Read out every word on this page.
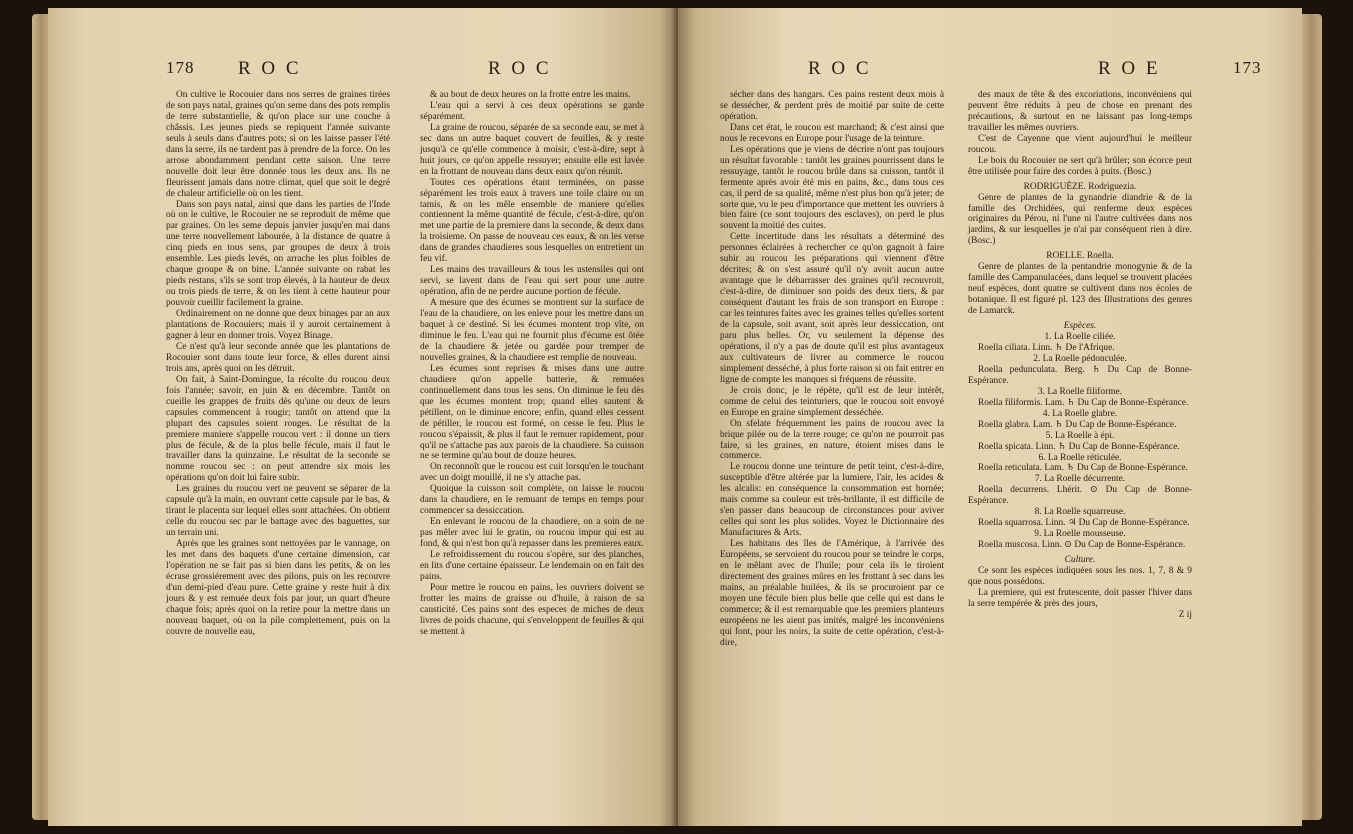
178 R O C	R O C

On cultive le Rocouier dans nos serres de graines tirées de son pays natal, graines qu'on seme dans des pots remplis de terre substantielle, & qu'on place sur une couche à châssis. Les jeunes pieds se repiquent l'année suivante seuls à seuls dans d'autres pots; si on les laisse passer l'été dans la serre, ils ne tardent pas à prendre de la force. On les arrose abondamment pendant cette saison. Une terre nouvelle doit leur être donnée tous les deux ans. Ils ne fleurissent jamais dans notre climat, quel que soit le degré de chaleur artificielle où on les tient.

Dans son pays natal, ainsi que dans les parties de l'Inde où on le cultive, le Rocouier ne se reproduit de même que par graines. On les seme depuis janvier jusqu'en mai dans une terre nouvellement labourée, à la distance de quatre à cinq pieds en tous sens, par groupes de deux à trois ensemble. Les pieds levés, on arrache les plus foibles de chaque groupe & on bine. L'année suivante on rabat les pieds restans, s'ils se sont trop élevés, à la hauteur de deux ou trois pieds de terre, & on les tient à cette hauteur pour pouvoir cueillir facilement la graine.

Ordinairement on ne donne que deux binages par an aux plantations de Rocouiers; mais il y auroit certainement à gagner à leur en donner trois. Voyez Binage.

Ce n'est qu'à leur seconde année que les plantations de Rocouier sont dans toute leur force, & elles durent ainsi trois ans, après quoi on les détruit.

On fait, à Saint-Domingue, la récolte du roucou deux fois l'année; savoir, en juin & en décembre. Tantôt on cueille les grappes de fruits dès qu'une ou deux de leurs capsules commencent à rougir; tantôt on attend que la plupart des capsules soient rouges. Le résultat de la premiere maniere s'appelle roucou vert : il donne un tiers plus de fécule, & de la plus belle fécule, mais il faut le travailler dans la quinzaine. Le résultat de la seconde se nomme roucou sec : on peut attendre six mois les opérations qu'on doit lui faire subir.

Les graines du roucou vert ne peuvent se séparer de la capsule qu'à la main, en ouvrant cette capsule par le bas, & tirant le placenta sur lequel elles sont attachées. On obtient celle du roucou sec par le battage avec des baguettes, sur un terrain uni.

Après que les graines sont nettoyées par le vannage, on les met dans des baquets d'une certaine dimension, car l'opération ne se fait pas si bien dans les petits, & on les écrase grossiérement avec des pilons, puis on les recouvre d'un demi-pied d'eau pure. Cette graine y reste huit à dix jours & y est remuée deux fois par jour, un quart d'heure chaque fois; après quoi on la retire pour la mettre dans un nouveau baquet, où on la pile complettement, puis on la couvre de nouvelle eau,

& au bout de deux heures on la frotte entre les mains.

L'eau qui a servi à ces deux opérations se garde séparément.

La graine de roucou, séparée de sa seconde eau, se met à sec dans un autre baquet couvert de feuilles, & y reste jusqu'à ce qu'elle commence à moisir, c'est-à-dire, sept à huit jours, ce qu'on appelle ressuyer; ensuite elle est lavée en la frottant de nouveau dans deux eaux qu'on réunit.

Toutes ces opérations étant terminées, on passe séparément les trois eaux à travers une toile claire ou un tamis, & on les mêle ensemble de maniere qu'elles contiennent la même quantité de fécule, c'est-à-dire, qu'on met une partie de la premiere dans la seconde, & deux dans la troisieme. On passe de nouveau ces eaux, & on les verse dans de grandes chaudieres sous lesquelles on entretient un feu vif.

Les mains des travailleurs & tous les ustensiles qui ont servi, se lavent dans de l'eau qui sert pour une autre opération, afin de ne perdre aucune portion de fécule.

A mesure que des écumes se montrent sur la surface de l'eau de la chaudiere, on les enleve pour les mettre dans un baquet à ce destiné. Si les écumes montent trop vîte, on diminue le feu. L'eau qui ne fournit plus d'écume est ôtée de la chaudiere & jetée ou gardée pour tremper de nouvelles graines, & la chaudiere est remplie de nouveau.

Les écumes sont reprises & mises dans une autre chaudiere qu'on appelle batterie, & remuées continuellement dans tous les sens. On diminue le feu dès que les écumes montent trop; quand elles sautent & pétillent, on le diminue encore; enfin, quand elles cessent de pétiller, le roucou est formé, on cesse le feu. Plus le roucou s'épaissit, & plus il faut le remuer rapidement, pour qu'il ne s'attache pas aux parois de la chaudiere. Sa cuisson ne se termine qu'au bout de douze heures.

On reconnoît que le roucou est cuit lorsqu'en le touchant avec un doigt mouillé, il ne s'y attache pas.

Quoique la cuisson soit complète, on laisse le roucou dans la chaudiere, en le remuant de temps en temps pour commencer sa dessiccation.

En enlevant le roucou de la chaudiere, on a soin de ne pas mêler avec lui le gratin, ou roucou impur qui est au fond, & qui n'est bon qu'à repasser dans les premieres eaux.

Le refroidissement du roucou s'opère, sur des planches, en lits d'une certaine épaisseur. Le lendemain on en fait des pains.

Pour mettre le roucou en pains, les ouvriers doivent se frotter les mains de graisse ou d'huile, à raison de sa causticité. Ces pains sont des especes de miches de deux livres de poids chacune, qui s'enveloppent de feuilles & qui se mettent à

R O C	R O E	173

sécher dans des hangars. Ces pains restent deux mois à se dessécher, & perdent près de moitié par suite de cette opération.

Dans cet état, le roucou est marchand; & c'est ainsi que nous le recevons en Europe pour l'usage de la teinture.

Les opérations que je viens de décrire n'ont pas toujours un résultat favorable : tantôt les graines pourrissent dans le ressuyage, tantôt le roucou brûle dans sa cuisson, tantôt il fermente après avoir été mis en pains, &c., dans tous ces cas, il perd de sa qualité, même n'est plus bon qu'à jeter; de sorte que, vu le peu d'importance que mettent les ouvriers à bien faire (ce sont toujours des esclaves), on perd le plus souvent la moitié des cuites.

Cette incertitude dans les résultats a déterminé des personnes éclairées à rechercher ce qu'on gagnoit à faire subir au roucou les préparations qui viennent d'être décrites; & on s'est assuré qu'il n'y avoit aucun autre avantage que le débarrasser des graines qu'il recouvroit, c'est-à-dire, de diminuer son poids des deux tiers, & par conséquent d'autant les frais de son transport en Europe : car les teintures faites avec les graines telles qu'elles sortent de la capsule, soit avant, soit après leur dessiccation, ont paru plus belles. Or, vu seulement la dépense des opérations, il n'y a pas de doute qu'il est plus avantageux aux cultivateurs de livrer au commerce le roucou simplement desséché, à plus forte raison si on fait entrer en ligne de compte les manques si fréquens de réussite.

Je crois donc, je le répète, qu'il est de leur intérêt, comme de celui des teinturiers, que le roucou soit envoyé en Europe en graine simplement desséchée.

On sfelate fréquemment les pains de roucou avec la brique pilée ou de la terre rouge; ce qu'on ne pourroit pas faire, si les graines, en nature, étoient mises dans le commerce.

Le roucou donne une teinture de petit teint, c'est-à-dire, susceptible d'être altérée par la lumiere, l'air, les acides & les alcalis: en conséquence la consommation est bornée; mais comme sa couleur est très-brillante, il est difficile de s'en passer dans beaucoup de circonstances pour aviver celles qui sont les plus solides. Voyez le Dictionnaire des Manufactures & Arts.

Les habitans des îles de l'Amérique, à l'arrivée des Européens, se servoient du roucou pour se teindre le corps, en le mêlant avec de l'huile; pour cela ils le tiroient directement des graines mûres en les frottant à sec dans les mains, au préalable huilées, & ils se procuroient par ce moyen une fécule bien plus belle que celle qui est dans le commerce; & il est remarquable que les premiers planteurs européens ne les aient pas imités, malgré les inconvéniens qui font, pour les noirs, la suite de cette opération, c'est-à-dire,

des maux de tête & des excoriations, inconvéniens qui peuvent être réduits à peu de chose en prenant des précautions, & surtout en ne laissant pas long-temps travailler les mêmes ouvriers.

C'est de Cayenne que vient aujourd'hui le meilleur roucou.

Le bois du Rocouier ne sert qu'à brûler; son écorce peut être utilisée pour faire des cordes à puits. (Bosc.)

RODRIGUÈZE. Rodriguezia.

Genre de plantes de la gynandrie diandrie & de la famille des Orchidées, qui renferme deux espèces originaires du Pérou, ni l'une ni l'autre cultivées dans nos jardins, & sur lesquelles je n'ai par conséquent rien à dire. (Bosc.)

ROELLE. Roella.

Genre de plantes de la pentandrie monogynie & de la famille des Campanulacées, dans lequel se trouvent placées neuf espèces, dont quatre se cultivent dans nos écoles de botanique. Il est figuré pl. 123 des Illustrations des genres de Lamarck.

Espèces.

1. La Roelle ciliée.

Roella ciliata. Linn. ♄ De l'Afrique.

2. La Roelle pédonculée.

Roella pedunculata. Berg. ♄ Du Cap de Bonne-Espérance.

3. La Roelle filiforme.

Roella filiformis. Lam. ♄ Du Cap de Bonne-Espérance.

4. La Roelle glabre.

Roella glabra. Lam. ♄ Du Cap de Bonne-Espérance.

5. La Roelle à épi.

Roella spicata. Linn. ♄ Du Cap de Bonne-Espérance.

6. La Roelle réticulée.

Roella reticulata. Lam. ♄ Du Cap de Bonne-Espérance.

7. La Roelle décurrente.

Roella decurrens. Lhérit. ⊙ Du Cap de Bonne-Espérance.

8. La Roelle squarreuse.

Roella squarrosa. Linn. ♃ Du Cap de Bonne-Espérance.

9. La Roelle mousseuse.

Roella muscosa. Linn. ⊙ Du Cap de Bonne-Espérance.

Culture.

Ce sont les espèces indiquées sous les nos. 1, 7, 8 & 9 que nous possédons.

La premiere, qui est frutescente, doit passer l'hiver dans la serre tempérée & près des jours,

Z ij
